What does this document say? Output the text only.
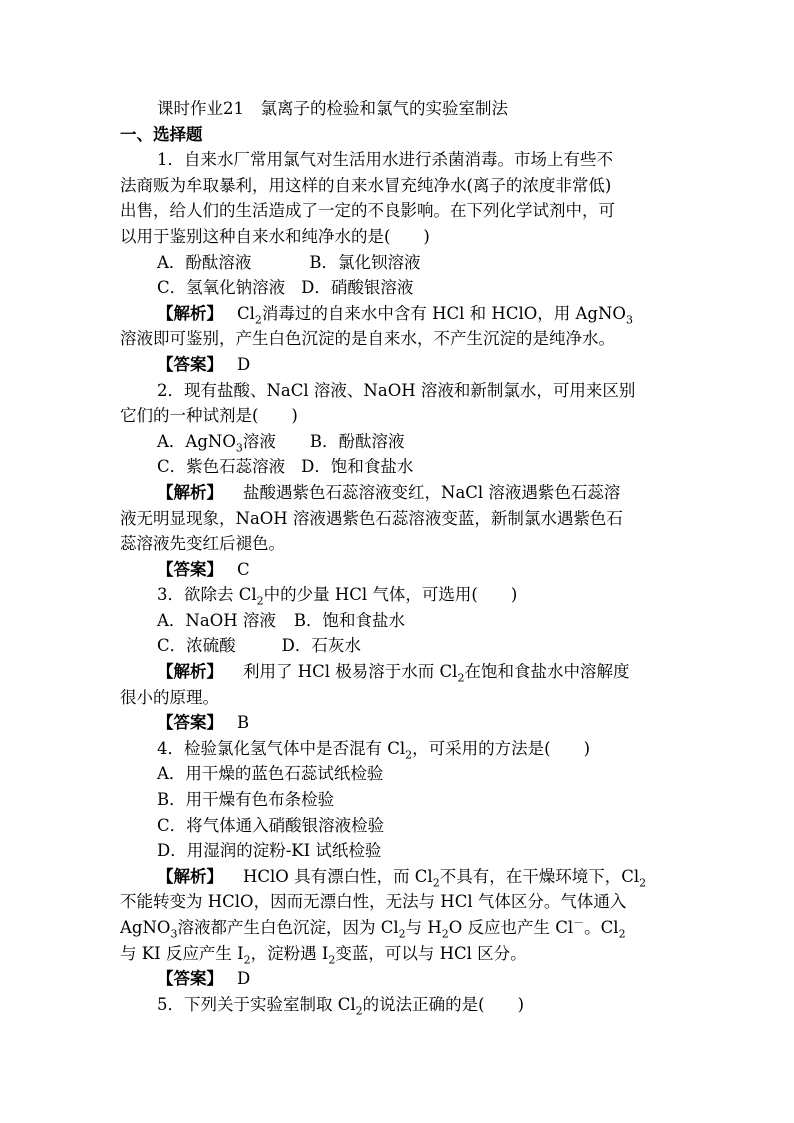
课时作业21　氯离子的检验和氯气的实验室制法
一、选择题
1．自来水厂常用氯气对生活用水进行杀菌消毒。市场上有些不
法商贩为牟取暴利，用这样的自来水冒充纯净水(离子的浓度非常低)
出售，给人们的生活造成了一定的不良影响。在下列化学试剂中，可
以用于鉴别这种自来水和纯净水的是(　　)
A．酚酞溶液	B．氯化钡溶液
C．氢氧化钠溶液 D．硝酸银溶液
【解析】 $Cl_2$消毒过的自来水中含有 HCl 和 HClO，用 AgNO$_3$
溶液即可鉴别，产生白色沉淀的是自来水，不产生沉淀的是纯净水。
【答案】 D
2．现有盐酸、NaCl 溶液、NaOH 溶液和新制氯水，可用来区别
它们的一种试剂是(　　)
A．AgNO$_3$溶液 B．酚酞溶液
C．紫色石蕊溶液 D．饱和食盐水
【解析】 盐酸遇紫色石蕊溶液变红，NaCl 溶液遇紫色石蕊溶
液无明显现象，NaOH 溶液遇紫色石蕊溶液变蓝，新制氯水遇紫色石
蕊溶液先变红后褪色。
【答案】 C
3．欲除去 $Cl_2$中的少量 HCl 气体，可选用(　　)
A．NaOH 溶液 B．饱和食盐水
C．浓硫酸	D．石灰水
【解析】 利用了 HCl 极易溶于水而 $Cl_2$在饱和食盐水中溶解度
很小的原理。
【答案】 B
4．检验氯化氢气体中是否混有 $Cl_2$，可采用的方法是(　　)
A．用干燥的蓝色石蕊试纸检验
B．用干燥有色布条检验
C．将气体通入硝酸银溶液检验
D．用湿润的淀粉-KI 试纸检验
【解析】 HClO 具有漂白性，而 $Cl_2$不具有，在干燥环境下，$Cl_2$
不能转变为 HClO，因而无漂白性，无法与 HCl 气体区分。气体通入
AgNO$_3$溶液都产生白色沉淀，因为 $Cl_2$与 $H_2O$ 反应也产生 Cl－。$Cl_2$
与 KI 反应产生 $I_2$，淀粉遇 $I_2$变蓝，可以与 HCl 区分。
【答案】 D
5．下列关于实验室制取 $Cl_2$的说法正确的是(　　)
